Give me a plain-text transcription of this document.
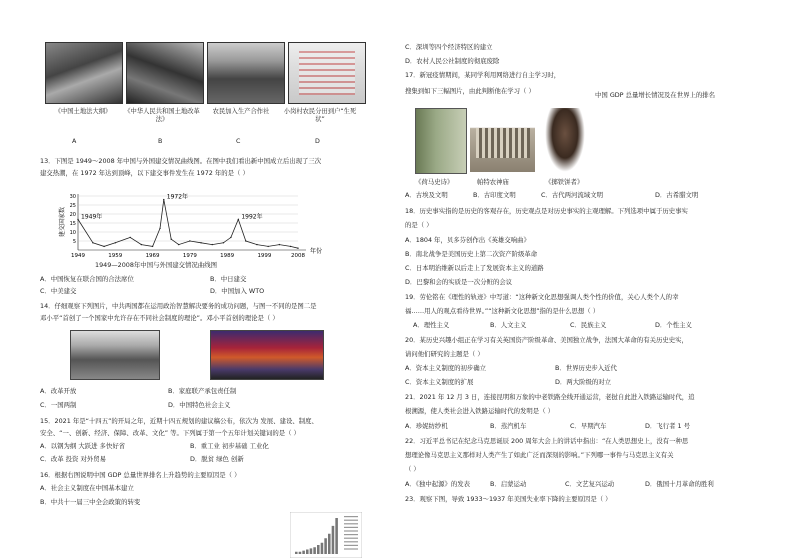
《中国土地法大纲》	《中华人民共和国土地改革法》
农民加入生产合作社	小岗村农民分田到户“生死状”
A	B	C	D
13．下图是 1949～2008 年中国与外国建交情况曲线图。在图中我们看出新中国成立后出现了三次
建交热潮，在 1972 年达到顶峰，以下建交事件发生在 1972 年的是（ ）
建交国家数
5
10
15
20
25
30
1949	1959	1969	1979	1989	1999	2008
年份
1949年
1972年
1992年
1949—2008年中国与外国建交情况曲线图
A．中国恢复在联合国的合法席位	B．中日建交
C．中美建交	D．中国加入 WTO
14．仔细观察下列图片，中共两国都在运用政治智慧解决要务的成功问题，与图一不同的是图二是
邓小平“首创了一个国家中允许存在不同社会制度的理论”。邓小平首创的理论是（ ）
A．改革开放	B．家庭联产承包责任制
C．一国两制	D．中国特色社会主义
15．2021 年是“十四五”的开局之年，近期十四五规划的建议稿公布，依次为 发展、建设、制度、
安全、“一、创新、经济、保障、改革、文化” 等。下列属于第一个五年计划关键词的是（ ）
A．以钢为纲 大跃进 多快好省	B．重工业 初步基础 工业化
C．改革 投资 对外贸易	D．脱贫 绿色 创新
16．根据右图说明中国 GDP 总量世界排名上升趋势的主要原因是（ ）
A．社会主义制度在中国基本建立
B．中共十一届三中全会政策的转变
C．深圳等四个经济特区的建立
D．农村人民公社制度的彻底废除
17．新冠疫情期间，某同学利用网络进行自主学习时，
搜集到如下三幅图片，由此判断他在学习（ ）	中国 GDP 总量增长情况及在世界上的排名
《荷马史诗》	帕特农神庙	《掷铁饼者》
A．古埃及文明	B．古印度文明	C．古代两河流域文明	D．古希腊文明
18．历史事实指的是历史的客观存在，历史观点是对历史事实的主观理解。下列选项中属于历史事实
的是（ ）
A．1804 年，贝多芬创作出《英雄交响曲》
B．南北战争是美国历史上第二次资产阶级革命
C．日本明治维新以后走上了发展资本主义的道路
D．巴黎和会的实质是一次分赃的会议
19．劳伦铭在《理性的轨迹》中写道：“这种新文化思想强调人类个性的价值，关心人类个人的幸
福……用人的观点看待世界。”“这种新文化思想”指的是什么思想（ ）
A．理性主义	B．人文主义	C．民族主义	D．个性主义
20．某历史兴趣小组正在学习有关英国资产阶级革命、美国独立战争，法国大革命的有关历史史实，
请问他们研究的主题是（ ）
A．资本主义制度的初步确立	B．世界历史步入近代
C．资本主义制度的扩展	D．两大阶级的对立
21．2021 年 12 月 3 日，连接昆明和万象的中老铁路全线开通运营，老挝自此进入铁路运输时代，追
根溯源，使人类社会进入铁路运输时代的发明是（ ）
A．珍妮纺纱机	B．蒸汽机车	C．早期汽车	D．飞行者 1 号
22．习近平总书记在纪念马克思诞辰 200 周年大会上的讲话中指出：“在人类思想史上，没有一种思
想理论像马克思主义那样对人类产生了如此广泛而深刻的影响。”下列哪一事件与马克思主义有关
（ ）
A．《独中起源》的发表	B．启蒙运动	C．文艺复兴运动	D．俄国十月革命的胜利
23．观察下图，导致 1933～1937 年美国失业率下降的主要原因是（ ）
